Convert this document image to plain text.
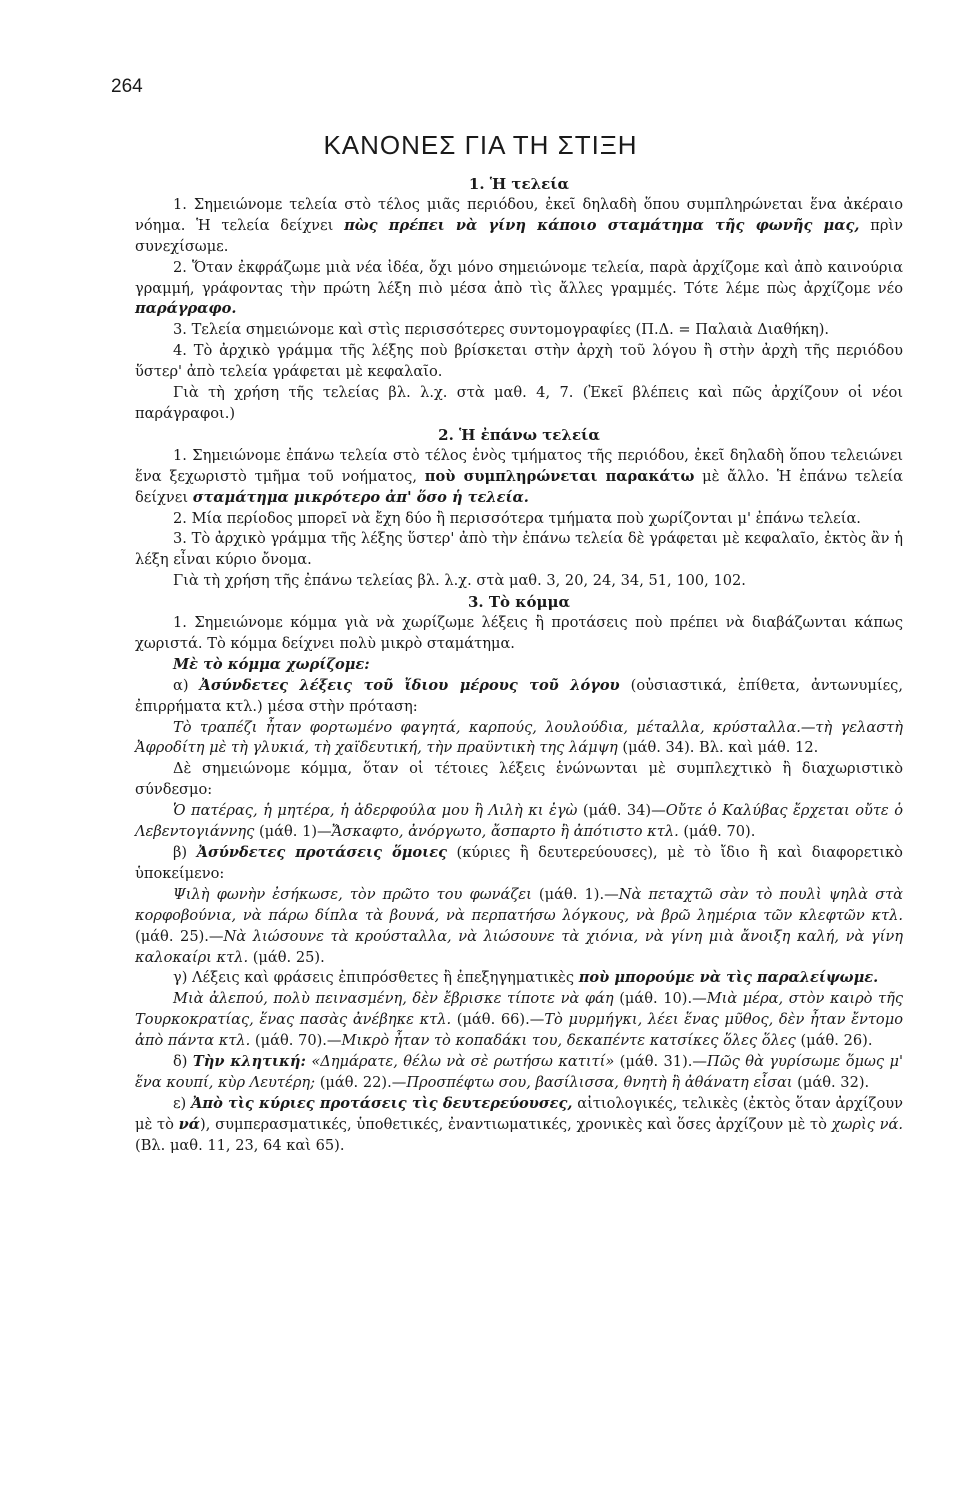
264
ΚΑΝΟΝΕΣ ΓΙΑ ΤΗ ΣΤΙΞΗ

1. Ἡ τελεία

1. Σημειώνομε τελεία στὸ τέλος μιᾶς περιόδου, ἐκεῖ δηλαδὴ ὅπου συμπληρώνεται ἕνα ἀκέραιο νόημα. Ἡ τελεία δείχνει πὼς πρέπει νὰ γίνη κάποιο σταμάτημα τῆς φωνῆς μας, πρὶν συνεχίσωμε.

2. Ὅταν ἐκφράζωμε μιὰ νέα ἰδέα, ὄχι μόνο σημειώνομε τελεία, παρὰ ἀρχίζομε καὶ ἀπὸ καινούρια γραμμή, γράφοντας τὴν πρώτη λέξη πιὸ μέσα ἀπὸ τὶς ἄλλες γραμμές. Τότε λέμε πὼς ἀρχίζομε νέο παράγραφο.

3. Τελεία σημειώνομε καὶ στὶς περισσότερες συντομογραφίες (Π.Δ. = Παλαιὰ Διαθήκη).

4. Τὸ ἀρχικὸ γράμμα τῆς λέξης ποὺ βρίσκεται στὴν ἀρχὴ τοῦ λόγου ἢ στὴν ἀρχὴ τῆς περιόδου ὕστερ' ἀπὸ τελεία γράφεται μὲ κεφαλαῖο.

Γιὰ τὴ χρήση τῆς τελείας βλ. λ.χ. στὰ μαθ. 4, 7. (Ἐκεῖ βλέπεις καὶ πῶς ἀρχίζουν οἱ νέοι παράγραφοι.)

2. Ἡ ἐπάνω τελεία

1. Σημειώνομε ἐπάνω τελεία στὸ τέλος ἑνὸς τμήματος τῆς περιόδου, ἐκεῖ δηλαδὴ ὅπου τελειώνει ἕνα ξεχωριστὸ τμῆμα τοῦ νοήματος, ποὺ συμπληρώνεται παρακάτω μὲ ἄλλο. Ἡ ἐπάνω τελεία δείχνει σταμάτημα μικρότερο ἀπ' ὅσο ἡ τελεία.

2. Μία περίοδος μπορεῖ νὰ ἔχη δύο ἢ περισσότερα τμήματα ποὺ χωρίζονται μ' ἐπάνω τελεία.

3. Τὸ ἀρχικὸ γράμμα τῆς λέξης ὕστερ' ἀπὸ τὴν ἐπάνω τελεία δὲ γράφεται μὲ κεφαλαῖο, ἐκτὸς ἂν ἡ λέξη εἶναι κύριο ὄνομα.

Γιὰ τὴ χρήση τῆς ἐπάνω τελείας βλ. λ.χ. στὰ μαθ. 3, 20, 24, 34, 51, 100, 102.

3. Τὸ κόμμα

1. Σημειώνομε κόμμα γιὰ νὰ χωρίζωμε λέξεις ἢ προτάσεις ποὺ πρέπει νὰ διαβάζωνται κάπως χωριστά. Τὸ κόμμα δείχνει πολὺ μικρὸ σταμάτημα.

Μὲ τὸ κόμμα χωρίζομε:

α) Ἀσύνδετες λέξεις τοῦ ἴδιου μέρους τοῦ λόγου (οὐσιαστικά, ἐπίθετα, ἀντωνυμίες, ἐπιρρήματα κτλ.) μέσα στὴν πρόταση:

Τὸ τραπέζι ἦταν φορτωμένο φαγητά, καρπούς, λουλούδια, μέταλλα, κρύσταλλα.—τὴ γελαστὴ Ἀφροδίτη μὲ τὴ γλυκιά, τὴ χαϊδευτική, τὴν πραϋντικὴ της λάμψη (μάθ. 34). Βλ. καὶ μάθ. 12.

Δὲ σημειώνομε κόμμα, ὅταν οἱ τέτοιες λέξεις ἑνώνωνται μὲ συμπλεχτικὸ ἢ διαχωριστικὸ σύνδεσμο:

Ὁ πατέρας, ἡ μητέρα, ἡ ἀδερφούλα μου ἢ Λιλὴ κι ἐγὼ (μάθ. 34)—Οὔτε ὁ Καλύβας ἔρχεται οὔτε ὁ Λεβεντογιάννης (μάθ. 1)—Ἄσκαφτο, ἀνόργωτο, ἄσπαρτο ἢ ἀπότιστο κτλ. (μάθ. 70).

β) Ἀσύνδετες προτάσεις ὅμοιες (κύριες ἢ δευτερεύουσες), μὲ τὸ ἴδιο ἢ καὶ διαφορετικὸ ὑποκείμενο:

Ψιλὴ φωνὴν ἐσήκωσε, τὸν πρῶτο του φωνάζει (μάθ. 1).—Νὰ πεταχτῶ σὰν τὸ πουλὶ ψηλὰ στὰ κορφοβούνια, νὰ πάρω δίπλα τὰ βουνά, νὰ περπατήσω λόγκους, νὰ βρῶ λημέρια τῶν κλεφτῶν κτλ. (μάθ. 25).—Νὰ λιώσουνε τὰ κρούσταλλα, νὰ λιώσουνε τὰ χιόνια, νὰ γίνη μιὰ ἄνοιξη καλή, νὰ γίνη καλοκαίρι κτλ. (μάθ. 25).

γ) Λέξεις καὶ φράσεις ἐπιπρόσθετες ἢ ἐπεξηγηματικὲς ποὺ μπορούμε νὰ τὶς παραλείψωμε.

Μιὰ ἀλεπού, πολὺ πεινασμένη, δὲν ἔβρισκε τίποτε νὰ φάη (μάθ. 10).—Μιὰ μέρα, στὸν καιρὸ τῆς Τουρκοκρατίας, ἕνας πασὰς ἀνέβηκε κτλ. (μάθ. 66).—Τὸ μυρμήγκι, λέει ἕνας μῦθος, δὲν ἦταν ἔντομο ἀπὸ πάντα κτλ. (μάθ. 70).—Μικρὸ ἦταν τὸ κοπαδάκι του, δεκαπέντε κατσίκες ὅλες ὅλες (μάθ. 26).

δ) Τὴν κλητική: «Δημάρατε, θέλω νὰ σὲ ρωτήσω κατιτί» (μάθ. 31).—Πῶς θὰ γυρίσωμε ὅμως μ' ἕνα κουπί, κὺρ Λευτέρη; (μάθ. 22).—Προσπέφτω σου, βασίλισσα, θνητὴ ἢ ἀθάνατη εἶσαι (μάθ. 32).

ε) Ἀπὸ τὶς κύριες προτάσεις τὶς δευτερεύουσες, αἰτιολογικές, τελικὲς (ἐκτὸς ὅταν ἀρχίζουν μὲ τὸ νά), συμπερασματικές, ὑποθετικές, ἐναντιωματικές, χρονικὲς καὶ ὅσες ἀρχίζουν μὲ τὸ χωρὶς νά. (Βλ. μαθ. 11, 23, 64 καὶ 65).
